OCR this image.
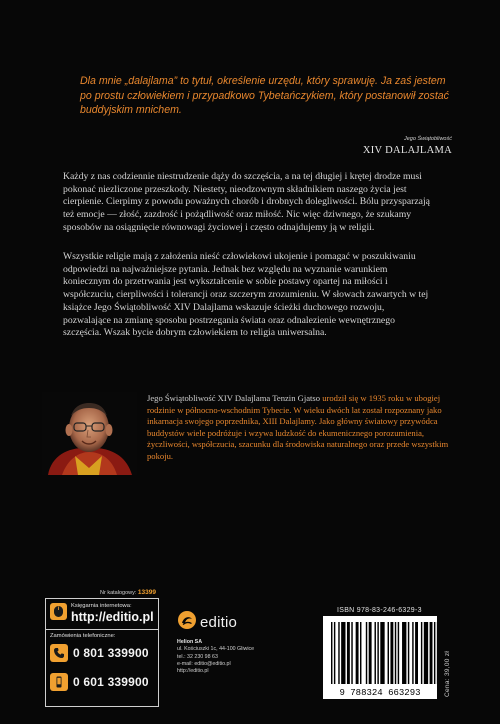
Dla mnie „dalajlama” to tytuł, określenie urzędu, który sprawuję. Ja zaś jestem po prostu człowiekiem i przypadkowo Tybetańczykiem, który postanowił zostać buddyjskim mnichem.

Jego Świątobliwość
XIV DALAJLAMA

Każdy z nas codziennie niestrudzenie dąży do szczęścia, a na tej długiej i krętej drodze musi pokonać niezliczone przeszkody. Niestety, nieodzownym składnikiem naszego życia jest cierpienie. Cierpimy z powodu poważnych chorób i drobnych dolegliwości. Bólu przysparzają też emocje — złość, zazdrość i pożądliwość oraz miłość. Nic więc dziwnego, że szukamy sposobów na osiągnięcie równowagi życiowej i często odnajdujemy ją w religii.

Wszystkie religie mają z założenia nieść człowiekowi ukojenie i pomagać w poszukiwaniu odpowiedzi na najważniejsze pytania. Jednak bez względu na wyznanie warunkiem koniecznym do przetrwania jest wykształcenie w sobie postawy opartej na miłości i współczuciu, cierpliwości i tolerancji oraz szczerym zrozumieniu. W słowach zawartych w tej książce Jego Świątobliwość XIV Dalajlama wskazuje ścieżki duchowego rozwoju, pozwalające na zmianę sposobu postrzegania świata oraz odnalezienie wewnętrznego szczęścia. Wszak bycie dobrym człowiekiem to religia uniwersalna.

Jego Świątobliwość XIV Dalajlama Tenzin Gjatso urodził się w 1935 roku w ubogiej rodzinie w północno-wschodnim Tybecie. W wieku dwóch lat został rozpoznany jako inkarnacja swojego poprzednika, XIII Dalajlamy. Jako główny światowy przywódca buddystów wiele podróżuje i wzywa ludzkość do ekumenicznego porozumienia, życzliwości, współczucia, szacunku dla środowiska naturalnego oraz przede wszystkim pokoju.

Nr katalogowy: 13399
Księgarnia internetowa:
http://editio.pl
Zamówienia telefoniczne:
0 801 339900
0 601 339900
editio
Helion SA
ul. Kościuszki 1c, 44-100 Gliwice
tel.: 32 230 98 63
e-mail: editio@editio.pl
http://editio.pl
ISBN 978-83-246-6329-3
9 788324 663293	Cena: 39,00 zł
